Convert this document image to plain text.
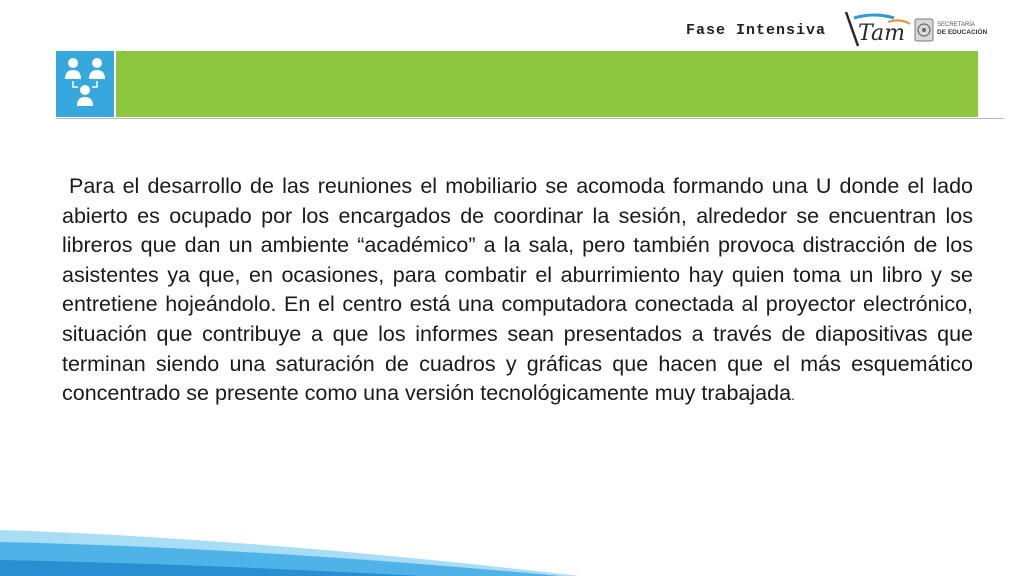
Fase Intensiva Tam	SECRETARÍA
DE EDUCACIÓN

Para el desarrollo de las reuniones el mobiliario se acomoda formando una U donde el lado abierto es ocupado por los encargados de coordinar la sesión, alrededor se encuentran los libreros que dan un ambiente “académico” a la sala, pero también provoca distracción de los asistentes ya que, en ocasiones, para combatir el aburrimiento hay quien toma un libro y se entretiene hojeándolo. En el centro está una computadora conectada al proyector electrónico, situación que contribuye a que los informes sean presentados a través de diapositivas que terminan siendo una saturación de cuadros y gráficas que hacen que el más esquemático concentrado se presente como una versión tecnológicamente muy trabajada.
